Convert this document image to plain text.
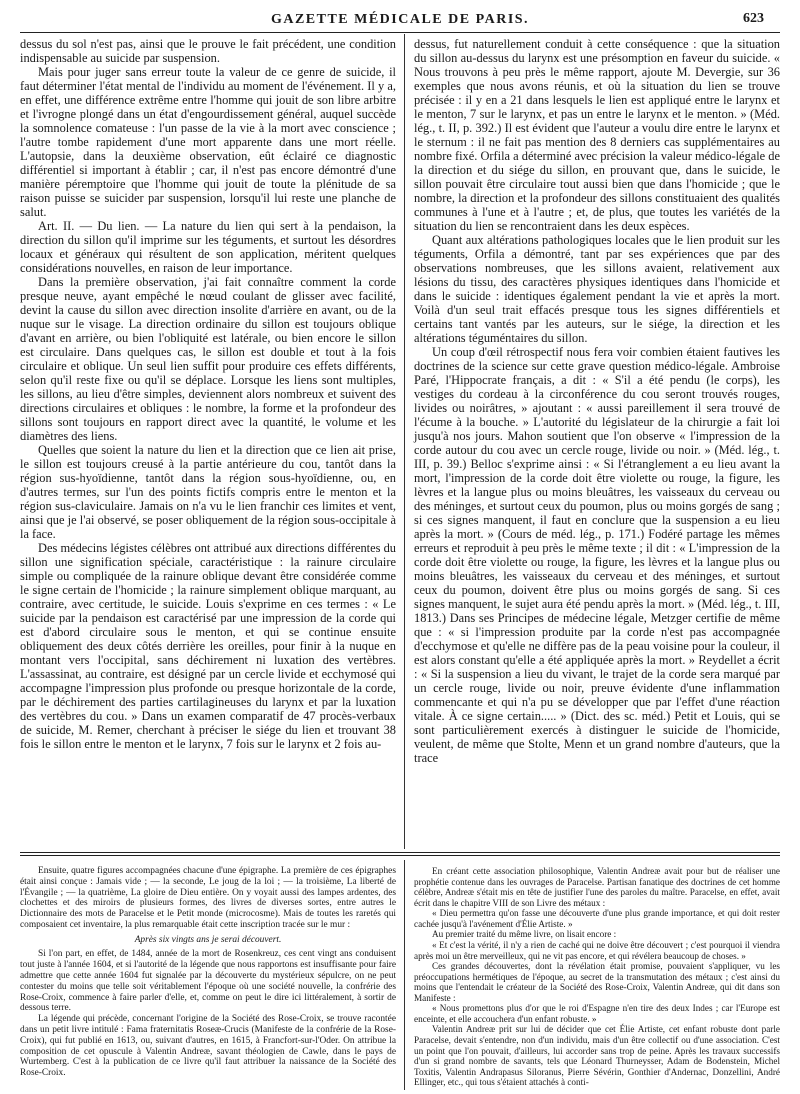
GAZETTE MÉDICALE DE PARIS.	623

dessus du sol n'est pas, ainsi que le prouve le fait précédent, une condition indispensable au suicide par suspension.

Mais pour juger sans erreur toute la valeur de ce genre de suicide, il faut déterminer l'état mental de l'individu au moment de l'événement. Il y a, en effet, une différence extrême entre l'homme qui jouit de son libre arbitre et l'ivrogne plongé dans un état d'engourdissement général, auquel succède la somnolence comateuse : l'un passe de la vie à la mort avec conscience ; l'autre tombe rapidement d'une mort apparente dans une mort réelle. L'autopsie, dans la deuxième observation, eût éclairé ce diagnostic différentiel si important à établir ; car, il n'est pas encore démontré d'une manière péremptoire que l'homme qui jouit de toute la plénitude de sa raison puisse se suicider par suspension, lorsqu'il lui reste une planche de salut.

Art. II. — Du lien. — La nature du lien qui sert à la pendaison, la direction du sillon qu'il imprime sur les téguments, et surtout les désordres locaux et généraux qui résultent de son application, méritent quelques considérations nouvelles, en raison de leur importance.

Dans la première observation, j'ai fait connaître comment la corde presque neuve, ayant empêché le nœud coulant de glisser avec facilité, devint la cause du sillon avec direction insolite d'arrière en avant, ou de la nuque sur le visage. La direction ordinaire du sillon est toujours oblique d'avant en arrière, ou bien l'obliquité est latérale, ou bien encore le sillon est circulaire. Dans quelques cas, le sillon est double et tout à la fois circulaire et oblique. Un seul lien suffit pour produire ces effets différents, selon qu'il reste fixe ou qu'il se déplace. Lorsque les liens sont multiples, les sillons, au lieu d'être simples, deviennent alors nombreux et suivent des directions circulaires et obliques : le nombre, la forme et la profondeur des sillons sont toujours en rapport direct avec la quantité, le volume et les diamètres des liens.

Quelles que soient la nature du lien et la direction que ce lien ait prise, le sillon est toujours creusé à la partie antérieure du cou, tantôt dans la région sus-hyoïdienne, tantôt dans la région sous-hyoïdienne, ou, en d'autres termes, sur l'un des points fictifs compris entre le menton et la région sus-claviculaire. Jamais on n'a vu le lien franchir ces limites et vent, ainsi que je l'ai observé, se poser obliquement de la région sous-occipitale à la face.

Des médecins légistes célèbres ont attribué aux directions différentes du sillon une signification spéciale, caractéristique : la rainure circulaire simple ou compliquée de la rainure oblique devant être considérée comme le signe certain de l'homicide ; la rainure simplement oblique marquant, au contraire, avec certitude, le suicide. Louis s'exprime en ces termes : « Le suicide par la pendaison est caractérisé par une impression de la corde qui est d'abord circulaire sous le menton, et qui se continue ensuite obliquement des deux côtés derrière les oreilles, pour finir à la nuque en montant vers l'occipital, sans déchirement ni luxation des vertèbres. L'assassinat, au contraire, est désigné par un cercle livide et ecchymosé qui accompagne l'impression plus profonde ou presque horizontale de la corde, par le déchirement des parties cartilagineuses du larynx et par la luxation des vertèbres du cou. » Dans un examen comparatif de 47 procès-verbaux de suicide, M. Remer, cherchant à préciser le siége du lien et trouvant 38 fois le sillon entre le menton et le larynx, 7 fois sur le larynx et 2 fois au-

dessus, fut naturellement conduit à cette conséquence : que la situation du sillon au-dessus du larynx est une présomption en faveur du suicide. « Nous trouvons à peu près le même rapport, ajoute M. Devergie, sur 36 exemples que nous avons réunis, et où la situation du lien se trouve précisée : il y en a 21 dans lesquels le lien est appliqué entre le larynx et le menton, 7 sur le larynx, et pas un entre le larynx et le menton. » (Méd. lég., t. II, p. 392.) Il est évident que l'auteur a voulu dire entre le larynx et le sternum : il ne fait pas mention des 8 derniers cas supplémentaires au nombre fixé. Orfila a déterminé avec précision la valeur médico-légale de la direction et du siége du sillon, en prouvant que, dans le suicide, le sillon pouvait être circulaire tout aussi bien que dans l'homicide ; que le nombre, la direction et la profondeur des sillons constituaient des qualités communes à l'une et à l'autre ; et, de plus, que toutes les variétés de la situation du lien se rencontraient dans les deux espèces.

Quant aux altérations pathologiques locales que le lien produit sur les téguments, Orfila a démontré, tant par ses expériences que par des observations nombreuses, que les sillons avaient, relativement aux lésions du tissu, des caractères physiques identiques dans l'homicide et dans le suicide : identiques également pendant la vie et après la mort. Voilà d'un seul trait effacés presque tous les signes différentiels et certains tant vantés par les auteurs, sur le siége, la direction et les altérations téguméntaires du sillon.

Un coup d'œil rétrospectif nous fera voir combien étaient fautives les doctrines de la science sur cette grave question médico-légale. Ambroise Paré, l'Hippocrate français, a dit : « S'il a été pendu (le corps), les vestiges du cordeau à la circonférence du cou seront trouvés rouges, livides ou noirâtres, » ajoutant : « aussi pareillement il sera trouvé de l'écume à la bouche. » L'autorité du législateur de la chirurgie a fait loi jusqu'à nos jours. Mahon soutient que l'on observe « l'impression de la corde autour du cou avec un cercle rouge, livide ou noir. » (Méd. lég., t. III, p. 39.) Belloc s'exprime ainsi : « Si l'étranglement a eu lieu avant la mort, l'impression de la corde doit être violette ou rouge, la figure, les lèvres et la langue plus ou moins bleuâtres, les vaisseaux du cerveau ou des méninges, et surtout ceux du poumon, plus ou moins gorgés de sang ; si ces signes manquent, il faut en conclure que la suspension a eu lieu après la mort. » (Cours de méd. lég., p. 171.) Fodéré partage les mêmes erreurs et reproduit à peu près le même texte ; il dit : « L'impression de la corde doit être violette ou rouge, la figure, les lèvres et la langue plus ou moins bleuâtres, les vaisseaux du cerveau et des méninges, et surtout ceux du poumon, doivent être plus ou moins gorgés de sang. Si ces signes manquent, le sujet aura été pendu après la mort. » (Méd. lég., t. III, 1813.) Dans ses Principes de médecine légale, Metzger certifie de même que : « si l'impression produite par la corde n'est pas accompagnée d'ecchymose et qu'elle ne diffère pas de la peau voisine pour la couleur, il est alors constant qu'elle a été appliquée après la mort. » Reydellet a écrit : « Si la suspension a lieu du vivant, le trajet de la corde sera marqué par un cercle rouge, livide ou noir, preuve évidente d'une inflammation commencante et qui n'a pu se développer que par l'effet d'une réaction vitale. À ce signe certain..... » (Dict. des sc. méd.) Petit et Louis, qui se sont particulièrement exercés à distinguer le suicide de l'homicide, veulent, de même que Stolte, Menn et un grand nombre d'auteurs, que la trace

Ensuite, quatre figures accompagnées chacune d'une épigraphe. La première de ces épigraphes était ainsi conçue : Jamais vide ; — la seconde, Le joug de la loi ; — la troisième, La liberté de l'Évangile ; — la quatrième, La gloire de Dieu entière. On y voyait aussi des lampes ardentes, des clochettes et des miroirs de plusieurs formes, des livres de diverses sortes, entre autres le Dictionnaire des mots de Paracelse et le Petit monde (microcosme). Mais de toutes les raretés qui composaient cet inventaire, la plus remarquable était cette inscription tracée sur le mur :

Après six vingts ans je serai découvert.

Si l'on part, en effet, de 1484, année de la mort de Rosenkreuz, ces cent vingt ans conduisent tout juste à l'année 1604, et si l'autorité de la légende que nous rapportons est insuffisante pour faire admettre que cette année 1604 fut signalée par la découverte du mystérieux sépulcre, on ne peut contester du moins que telle soit véritablement l'époque où une société nouvelle, la confrérie des Rose-Croix, commence à faire parler d'elle, et, comme on peut le dire ici littéralement, à sortir de dessous terre.

La légende qui précède, concernant l'origine de la Société des Rose-Croix, se trouve racontée dans un petit livre intitulé : Fama fraternitatis Roseæ-Crucis (Manifeste de la confrérie de la Rose-Croix), qui fut publié en 1613, ou, suivant d'autres, en 1615, à Francfort-sur-l'Oder. On attribue la composition de cet opuscule à Valentin Andreæ, savant théologien de Cawle, dans le pays de Wurtemberg. C'est à la publication de ce livre qu'il faut attribuer la naissance de la Société des Rose-Croix.

En créant cette association philosophique, Valentin Andreæ avait pour but de réaliser une prophétie contenue dans les ouvrages de Paracelse. Partisan fanatique des doctrines de cet homme célèbre, Andreæ s'était mis en tête de justifier l'une des paroles du maître. Paracelse, en effet, avait écrit dans le chapitre VIII de son Livre des métaux :

« Dieu permettra qu'on fasse une découverte d'une plus grande importance, et qui doit rester cachée jusqu'à l'avénement d'Élie Artiste. »

Au premier traité du même livre, on lisait encore :

« Et c'est la vérité, il n'y a rien de caché qui ne doive être découvert ; c'est pourquoi il viendra après moi un être merveilleux, qui ne vit pas encore, et qui révélera beaucoup de choses. »

Ces grandes découvertes, dont la révélation était promise, pouvaient s'appliquer, vu les préoccupations hermétiques de l'époque, au secret de la transmutation des métaux ; c'est ainsi du moins que l'entendait le créateur de la Société des Rose-Croix, Valentin Andreæ, qui dit dans son Manifeste :

« Nous promettons plus d'or que le roi d'Espagne n'en tire des deux Indes ; car l'Europe est enceinte, et elle accouchera d'un enfant robuste. »

Valentin Andreæ prit sur lui de décider que cet Élie Artiste, cet enfant robuste dont parle Paracelse, devait s'entendre, non d'un individu, mais d'un être collectif ou d'une association. C'est un point que l'on pouvait, d'ailleurs, lui accorder sans trop de peine. Après les travaux successifs d'un si grand nombre de savants, tels que Léonard Thurneysser, Adam de Bodenstein, Michel Toxitis, Valentin Andrapasus Siloranus, Pierre Sévérin, Gonthier d'Andernac, Donzellini, André Ellinger, etc., qui tous s'étaient attachés à conti-
